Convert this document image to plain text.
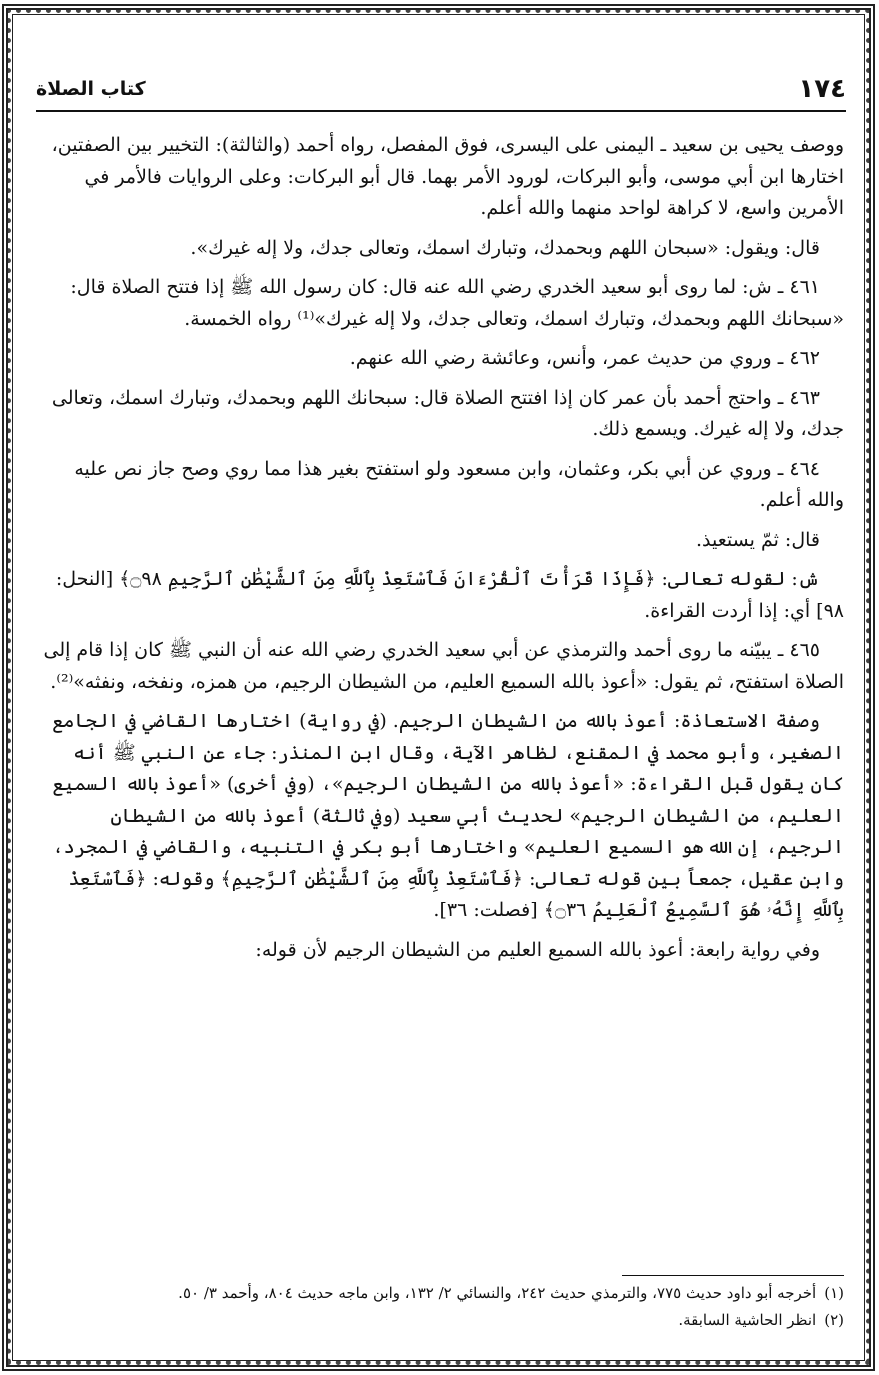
١٧٤
كتاب الصلاة

ووصف يحيى بن سعيد ـ اليمنى على اليسرى، فوق المفصل، رواه أحمد (والثالثة): التخيير بين الصفتين، اختارها ابن أبي موسى، وأبو البركات، لورود الأمر بهما. قال أبو البركات: وعلى الروايات فالأمر في الأمرين واسع، لا كراهة لواحد منهما والله أعلم.

قال: ويقول: «سبحان اللهم وبحمدك، وتبارك اسمك، وتعالى جدك، ولا إله غيرك».

٤٦١ ـ ش: لما روى أبو سعيد الخدري رضي الله عنه قال: كان رسول الله ﷺ إذا فتتح الصلاة قال: «سبحانك اللهم وبحمدك، وتبارك اسمك، وتعالى جدك، ولا إله غيرك»⁽¹⁾ رواه الخمسة.

٤٦٢ ـ وروي من حديث عمر، وأنس، وعائشة رضي الله عنهم.

٤٦٣ ـ واحتج أحمد بأن عمر كان إذا افتتح الصلاة قال: سبحانك اللهم وبحمدك، وتبارك اسمك، وتعالى جدك، ولا إله غيرك. ويسمع ذلك.

٤٦٤ ـ وروي عن أبي بكر، وعثمان، وابن مسعود ولو استفتح بغير هذا مما روي وصح جاز نص عليه والله أعلم.

قال: ثمّ يستعيذ.

ش: لقوله تعالى: ﴿فَإِذَا قَرَأْتَ ٱلْقُرْءَانَ فَٱسْتَعِذْ بِٱللَّهِ مِنَ ٱلشَّيْطَٰنِ ٱلرَّجِيمِ ۝٩٨﴾ [النحل: ٩٨] أي: إذا أردت القراءة.

٤٦٥ ـ يبيّنه ما روى أحمد والترمذي عن أبي سعيد الخدري رضي الله عنه أن النبي ﷺ كان إذا قام إلى الصلاة استفتح، ثم يقول: «أعوذ بالله السميع العليم، من الشيطان الرجيم، من همزه، ونفخه، ونفثه»⁽²⁾.

وصفة الاستعاذة: أعوذ بالله من الشيطان الرجيم. (في رواية) اختارها القاضي في الجامع الصغير، وأبو محمد في المقنع، لظاهر الآية، وقال ابن المنذر: جاء عن النبي ﷺ أنه كان يقول قبل القراءة: «أعوذ بالله من الشيطان الرجيم»، (وفي أخرى) «أعوذ بالله السميع العليم، من الشيطان الرجيم» لحديث أبي سعيد (وفي ثالثة) أعوذ بالله من الشيطان الرجيم، إن الله هو السميع العليم» واختارها أبو بكر في التنبيه، والقاضي في المجرد، وابن عقيل، جمعاً بين قوله تعالى: ﴿فَٱسْتَعِذْ بِٱللَّهِ مِنَ ٱلشَّيْطَٰنِ ٱلرَّجِيمِ﴾ وقوله: ﴿فَٱسْتَعِذْ بِٱللَّهِ إِنَّهُۥ هُوَ ٱلسَّمِيعُ ٱلْعَلِيمُ ۝٣٦﴾ [فصلت: ٣٦].

وفي رواية رابعة: أعوذ بالله السميع العليم من الشيطان الرجيم لأن قوله:

(١)
أخرجه أبو داود حديث ٧٧٥، والترمذي حديث ٢٤٢، والنسائي ٢/ ١٣٢، وابن ماجه حديث ٨٠٤، وأحمد ٣/ ٥٠.
(٢)
انظر الحاشية السابقة.
